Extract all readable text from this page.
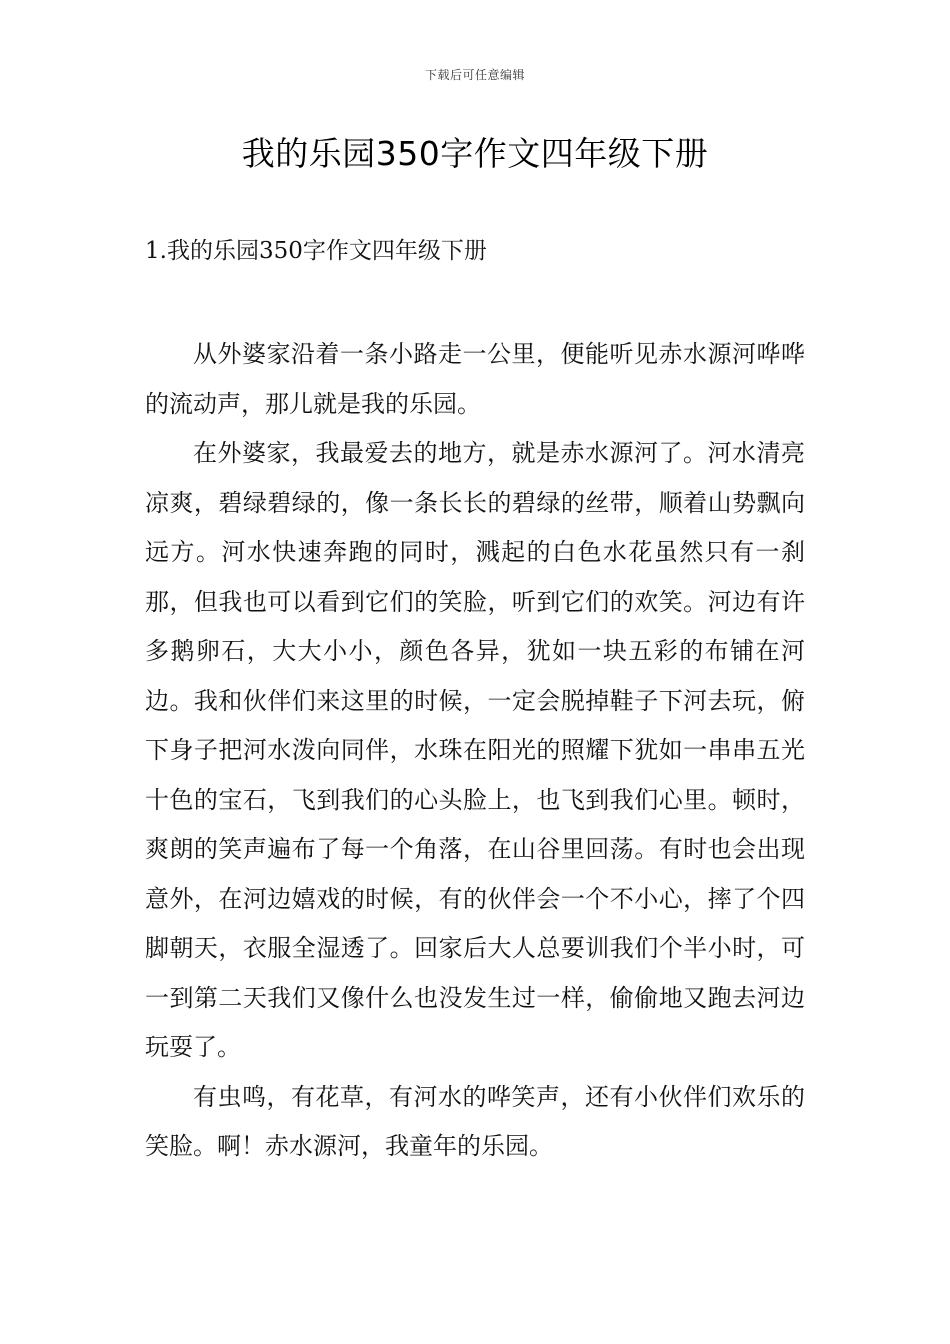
下载后可任意编辑
我的乐园350字作文四年级下册

1.我的乐园350字作文四年级下册

从外婆家沿着一条小路走一公里，便能听见赤水源河哗哗的流动声，那儿就是我的乐园。

在外婆家，我最爱去的地方，就是赤水源河了。河水清亮凉爽，碧绿碧绿的，像一条长长的碧绿的丝带，顺着山势飘向远方。河水快速奔跑的同时，溅起的白色水花虽然只有一刹那，但我也可以看到它们的笑脸，听到它们的欢笑。河边有许多鹅卵石，大大小小，颜色各异，犹如一块五彩的布铺在河边。我和伙伴们来这里的时候，一定会脱掉鞋子下河去玩，俯下身子把河水泼向同伴，水珠在阳光的照耀下犹如一串串五光十色的宝石，飞到我们的心头脸上，也飞到我们心里。顿时，爽朗的笑声遍布了每一个角落，在山谷里回荡。有时也会出现意外，在河边嬉戏的时候，有的伙伴会一个不小心，摔了个四脚朝天，衣服全湿透了。回家后大人总要训我们个半小时，可一到第二天我们又像什么也没发生过一样，偷偷地又跑去河边玩耍了。

有虫鸣，有花草，有河水的哗笑声，还有小伙伴们欢乐的笑脸。啊！赤水源河，我童年的乐园。
